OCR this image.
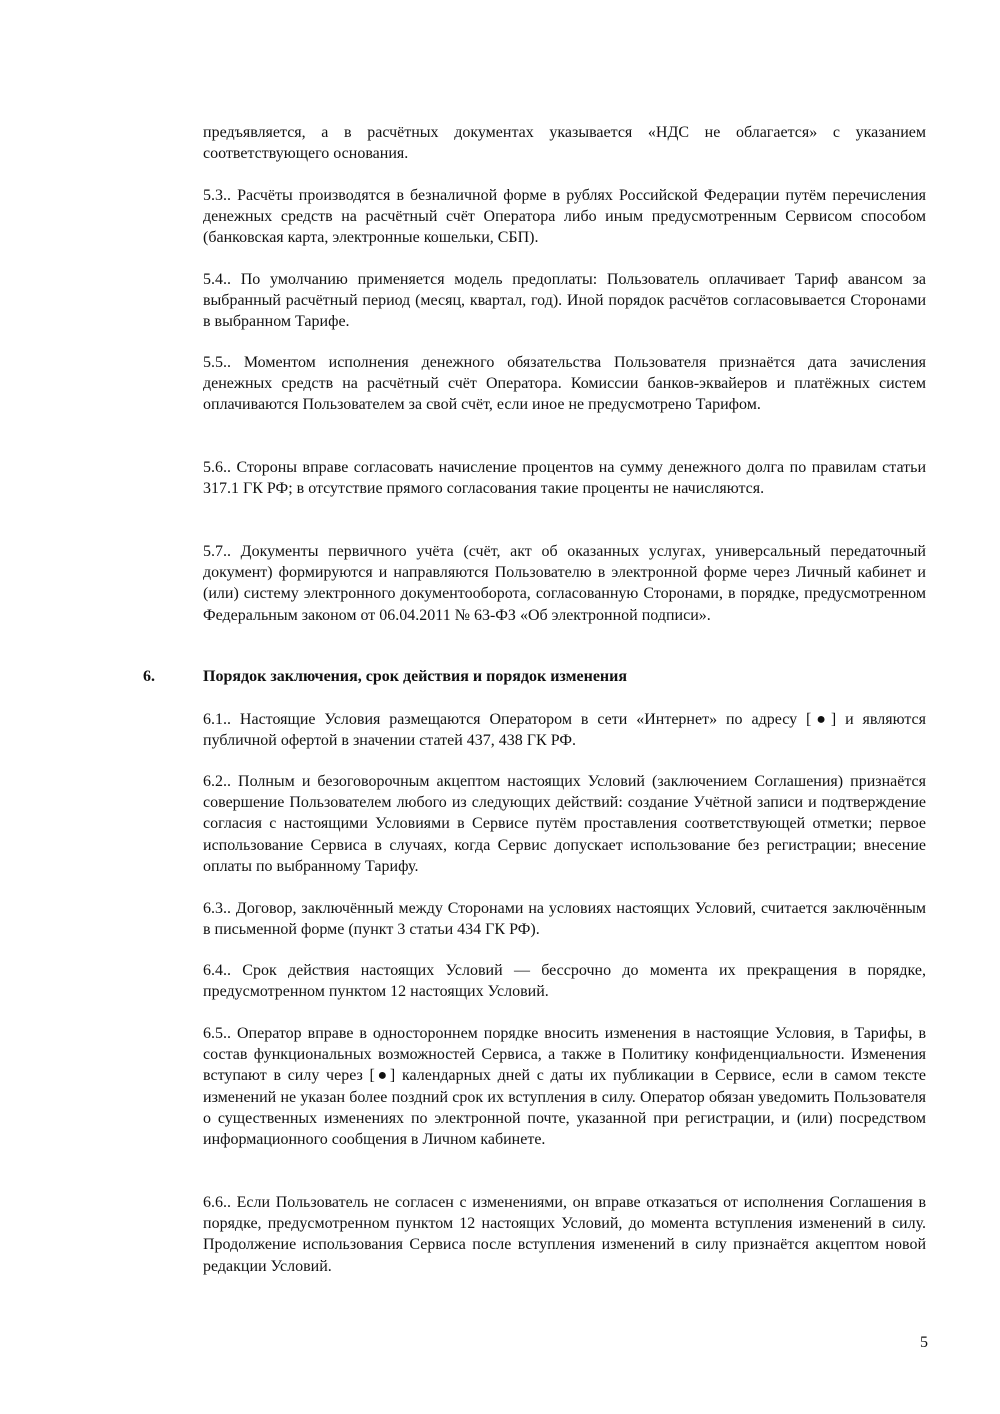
предъявляется, а в расчётных документах указывается «НДС не облагается» с указанием соответствующего основания.

5.3.. Расчёты производятся в безналичной форме в рублях Российской Федерации путём перечисления денежных средств на расчётный счёт Оператора либо иным предусмотренным Сервисом способом (банковская карта, электронные кошельки, СБП).

5.4.. По умолчанию применяется модель предоплаты: Пользователь оплачивает Тариф авансом за выбранный расчётный период (месяц, квартал, год). Иной порядок расчётов согласовывается Сторонами в выбранном Тарифе.

5.5.. Моментом исполнения денежного обязательства Пользователя признаётся дата зачисления денежных средств на расчётный счёт Оператора. Комиссии банков-эквайеров и платёжных систем оплачиваются Пользователем за свой счёт, если иное не предусмотрено Тарифом.

5.6.. Стороны вправе согласовать начисление процентов на сумму денежного долга по правилам статьи 317.1 ГК РФ; в отсутствие прямого согласования такие проценты не начисляются.

5.7.. Документы первичного учёта (счёт, акт об оказанных услугах, универсальный передаточный документ) формируются и направляются Пользователю в электронной форме через Личный кабинет и (или) систему электронного документооборота, согласованную Сторонами, в порядке, предусмотренном Федеральным законом от 06.04.2011 № 63-ФЗ «Об электронной подписи».

6.	Порядок заключения, срок действия и порядок изменения

6.1.. Настоящие Условия размещаются Оператором в сети «Интернет» по адресу [●] и являются публичной офертой в значении статей 437, 438 ГК РФ.

6.2.. Полным и безоговорочным акцептом настоящих Условий (заключением Соглашения) признаётся совершение Пользователем любого из следующих действий: создание Учётной записи и подтверждение согласия с настоящими Условиями в Сервисе путём проставления соответствующей отметки; первое использование Сервиса в случаях, когда Сервис допускает использование без регистрации; внесение оплаты по выбранному Тарифу.

6.3.. Договор, заключённый между Сторонами на условиях настоящих Условий, считается заключённым в письменной форме (пункт 3 статьи 434 ГК РФ).

6.4.. Срок действия настоящих Условий — бессрочно до момента их прекращения в порядке, предусмотренном пунктом 12 настоящих Условий.

6.5.. Оператор вправе в одностороннем порядке вносить изменения в настоящие Условия, в Тарифы, в состав функциональных возможностей Сервиса, а также в Политику конфиденциальности. Изменения вступают в силу через [●] календарных дней с даты их публикации в Сервисе, если в самом тексте изменений не указан более поздний срок их вступления в силу. Оператор обязан уведомить Пользователя о существенных изменениях по электронной почте, указанной при регистрации, и (или) посредством информационного сообщения в Личном кабинете.

6.6.. Если Пользователь не согласен с изменениями, он вправе отказаться от исполнения Соглашения в порядке, предусмотренном пунктом 12 настоящих Условий, до момента вступления изменений в силу. Продолжение использования Сервиса после вступления изменений в силу признаётся акцептом новой редакции Условий.

5
